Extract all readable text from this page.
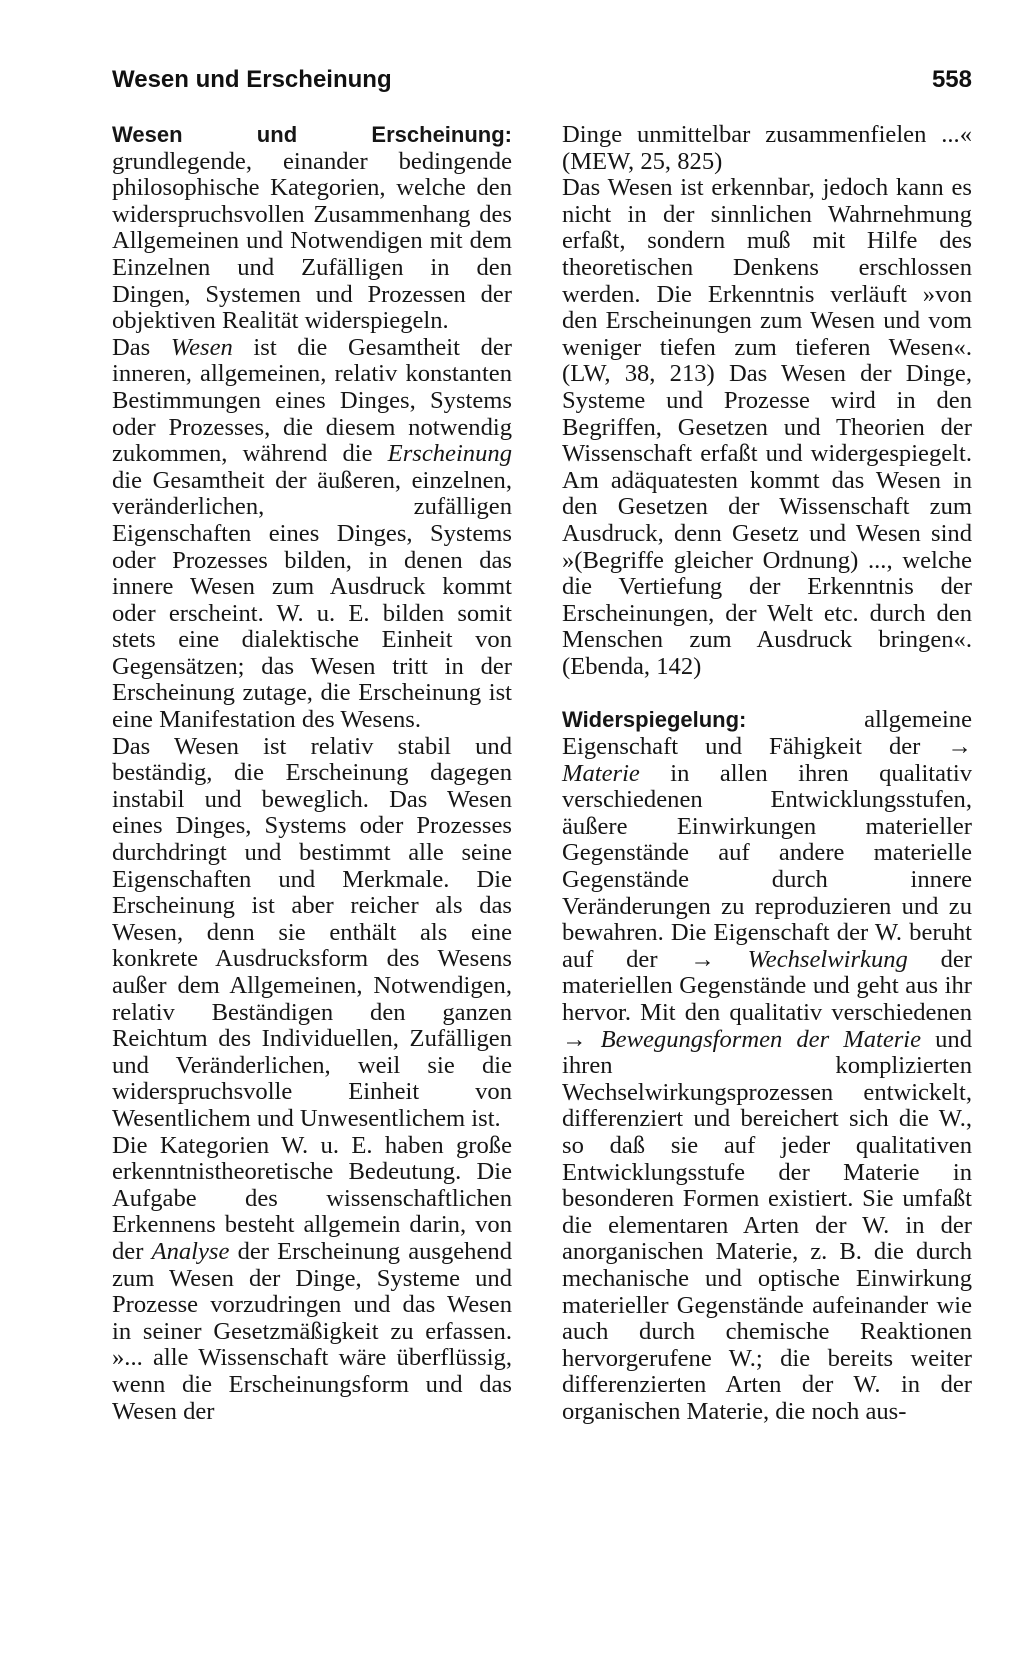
Wesen und Erscheinung	558

Wesen und Erscheinung: grundlegende, einander bedingende philosophische Kategorien, welche den widerspruchsvollen Zusammenhang des Allgemeinen und Notwendigen mit dem Einzelnen und Zufälligen in den Dingen, Systemen und Prozessen der objektiven Realität widerspiegeln.

Das Wesen ist die Gesamtheit der inneren, allgemeinen, relativ konstanten Bestimmungen eines Dinges, Systems oder Prozesses, die diesem notwendig zukommen, während die Erscheinung die Gesamtheit der äußeren, einzelnen, veränderlichen, zufälligen Eigenschaften eines Dinges, Systems oder Prozesses bilden, in denen das innere Wesen zum Ausdruck kommt oder erscheint. W. u. E. bilden somit stets eine dialektische Einheit von Gegensätzen; das Wesen tritt in der Erscheinung zutage, die Erscheinung ist eine Manifestation des Wesens.

Das Wesen ist relativ stabil und beständig, die Erscheinung dagegen instabil und beweglich. Das Wesen eines Dinges, Systems oder Prozesses durchdringt und bestimmt alle seine Eigenschaften und Merkmale. Die Erscheinung ist aber reicher als das Wesen, denn sie enthält als eine konkrete Ausdrucksform des Wesens außer dem Allgemeinen, Notwendigen, relativ Beständigen den ganzen Reichtum des Individuellen, Zufälligen und Veränderlichen, weil sie die widerspruchsvolle Einheit von Wesentlichem und Unwesentlichem ist.

Die Kategorien W. u. E. haben große erkenntnistheoretische Bedeutung. Die Aufgabe des wissenschaftlichen Erkennens besteht allgemein darin, von der Analyse der Erscheinung ausgehend zum Wesen der Dinge, Systeme und Prozesse vorzudringen und das Wesen in seiner Gesetzmäßigkeit zu erfassen. »... alle Wissenschaft wäre überflüssig, wenn die Erscheinungsform und das Wesen der

Dinge unmittelbar zusammenfielen ...« (MEW, 25, 825)

Das Wesen ist erkennbar, jedoch kann es nicht in der sinnlichen Wahrnehmung erfaßt, sondern muß mit Hilfe des theoretischen Denkens erschlossen werden. Die Erkenntnis verläuft »von den Erscheinungen zum Wesen und vom weniger tiefen zum tieferen Wesen«. (LW, 38, 213) Das Wesen der Dinge, Systeme und Prozesse wird in den Begriffen, Gesetzen und Theorien der Wissenschaft erfaßt und widergespiegelt. Am adäquatesten kommt das Wesen in den Gesetzen der Wissenschaft zum Ausdruck, denn Gesetz und Wesen sind »(Begriffe gleicher Ordnung) ..., welche die Vertiefung der Erkenntnis der Erscheinungen, der Welt etc. durch den Menschen zum Ausdruck bringen«. (Ebenda, 142)

Widerspiegelung: allgemeine Eigenschaft und Fähigkeit der → Materie in allen ihren qualitativ verschiedenen Entwicklungsstufen, äußere Einwirkungen materieller Gegenstände auf andere materielle Gegenstände durch innere Veränderungen zu reproduzieren und zu bewahren. Die Eigenschaft der W. beruht auf der → Wechselwirkung der materiellen Gegenstände und geht aus ihr hervor. Mit den qualitativ verschiedenen → Bewegungsformen der Materie und ihren komplizierten Wechselwirkungsprozessen entwickelt, differenziert und bereichert sich die W., so daß sie auf jeder qualitativen Entwicklungsstufe der Materie in besonderen Formen existiert. Sie umfaßt die elementaren Arten der W. in der anorganischen Materie, z. B. die durch mechanische und optische Einwirkung materieller Gegenstände aufeinander wie auch durch chemische Reaktionen hervorgerufene W.; die bereits weiter differenzierten Arten der W. in der organischen Materie, die noch aus-
